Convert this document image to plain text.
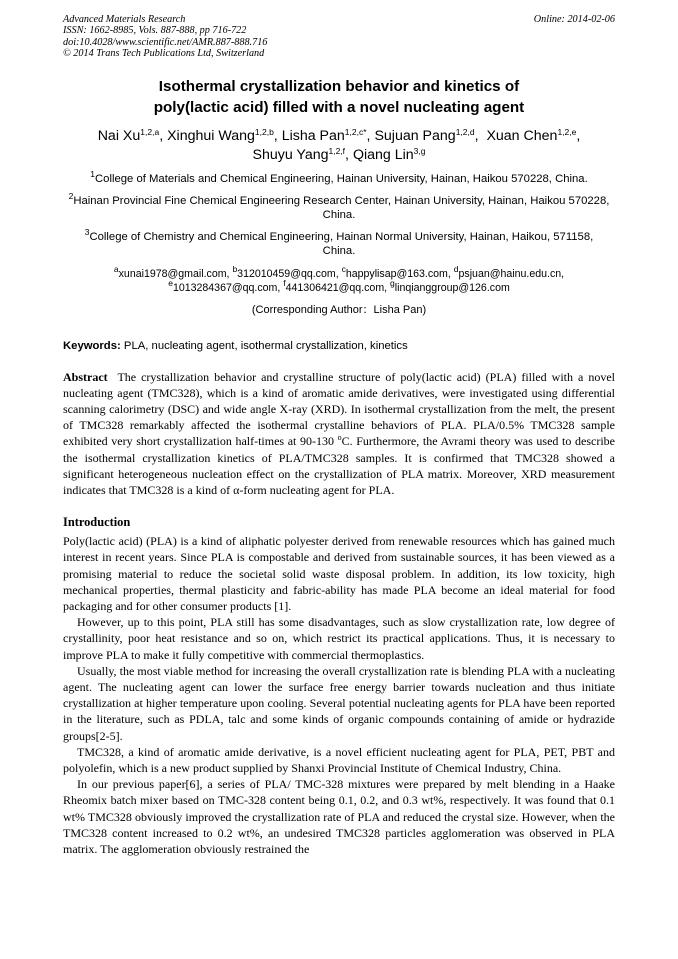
Advanced Materials Research
ISSN: 1662-8985, Vols. 887-888, pp 716-722
doi:10.4028/www.scientific.net/AMR.887-888.716
© 2014 Trans Tech Publications Ltd, Switzerland
Online: 2014-02-06
Isothermal crystallization behavior and kinetics of
poly(lactic acid) filled with a novel nucleating agent
Nai Xu$^{1,2,a}$, Xinghui Wang$^{1,2,b}$, Lisha Pan$^{1,2,c*}$, Sujuan Pang$^{1,2,d}$,  Xuan Chen$^{1,2,e}$,
Shuyu Yang$^{1,2,f}$, Qiang Lin$^{3,g}$
$^1$College of Materials and Chemical Engineering, Hainan University, Hainan, Haikou 570228, China.
$^2$Hainan Provincial Fine Chemical Engineering Research Center, Hainan University, Hainan, Haikou 570228, China.
$^3$College of Chemistry and Chemical Engineering, Hainan Normal University, Hainan, Haikou, 571158, China.
$^a$xunai1978@gmail.com, $^b$312010459@qq.com, $^c$happylisap@163.com, $^d$psjuan@hainu.edu.cn,
$^e$1013284367@qq.com, $^f$441306421@qq.com, $^g$linqianggroup@126.com
(Corresponding Author：Lisha Pan)
Keywords: PLA, nucleating agent, isothermal crystallization, kinetics
Abstract  The crystallization behavior and crystalline structure of poly(lactic acid) (PLA) filled with a novel nucleating agent (TMC328), which is a kind of aromatic amide derivatives, were investigated using differential scanning calorimetry (DSC) and wide angle X-ray (XRD). In isothermal crystallization from the melt, the present of TMC328 remarkably affected the isothermal crystalline behaviors of PLA. PLA/0.5% TMC328 sample exhibited very short crystallization half-times at 90-130 $^o$C. Furthermore, the Avrami theory was used to describe the isothermal crystallization kinetics of PLA/TMC328 samples. It is confirmed that TMC328 showed a significant heterogeneous nucleation effect on the crystallization of PLA matrix. Moreover, XRD measurement indicates that TMC328 is a kind of α-form nucleating agent for PLA.
Introduction

Poly(lactic acid) (PLA) is a kind of aliphatic polyester derived from renewable resources which has gained much interest in recent years. Since PLA is compostable and derived from sustainable sources, it has been viewed as a promising material to reduce the societal solid waste disposal problem. In addition, its low toxicity, high mechanical properties, thermal plasticity and fabric-ability has made PLA become an ideal material for food packaging and for other consumer products [1].

However, up to this point, PLA still has some disadvantages, such as slow crystallization rate, low degree of crystallinity, poor heat resistance and so on, which restrict its practical applications. Thus, it is necessary to improve PLA to make it fully competitive with commercial thermoplastics.

Usually, the most viable method for increasing the overall crystallization rate is blending PLA with a nucleating agent. The nucleating agent can lower the surface free energy barrier towards nucleation and thus initiate crystallization at higher temperature upon cooling. Several potential nucleating agents for PLA have been reported in the literature, such as PDLA, talc and some kinds of organic compounds containing of amide or hydrazide groups[2-5].

TMC328, a kind of aromatic amide derivative, is a novel efficient nucleating agent for PLA, PET, PBT and polyolefin, which is a new product supplied by Shanxi Provincial Institute of Chemical Industry, China.

In our previous paper[6], a series of PLA/ TMC-328 mixtures were prepared by melt blending in a Haake Rheomix batch mixer based on TMC-328 content being 0.1, 0.2, and 0.3 wt%, respectively. It was found that 0.1 wt% TMC328 obviously improved the crystallization rate of PLA and reduced the crystal size. However, when the TMC328 content increased to 0.2 wt%, an undesired TMC328 particles agglomeration was observed in PLA matrix. The agglomeration obviously restrained the
